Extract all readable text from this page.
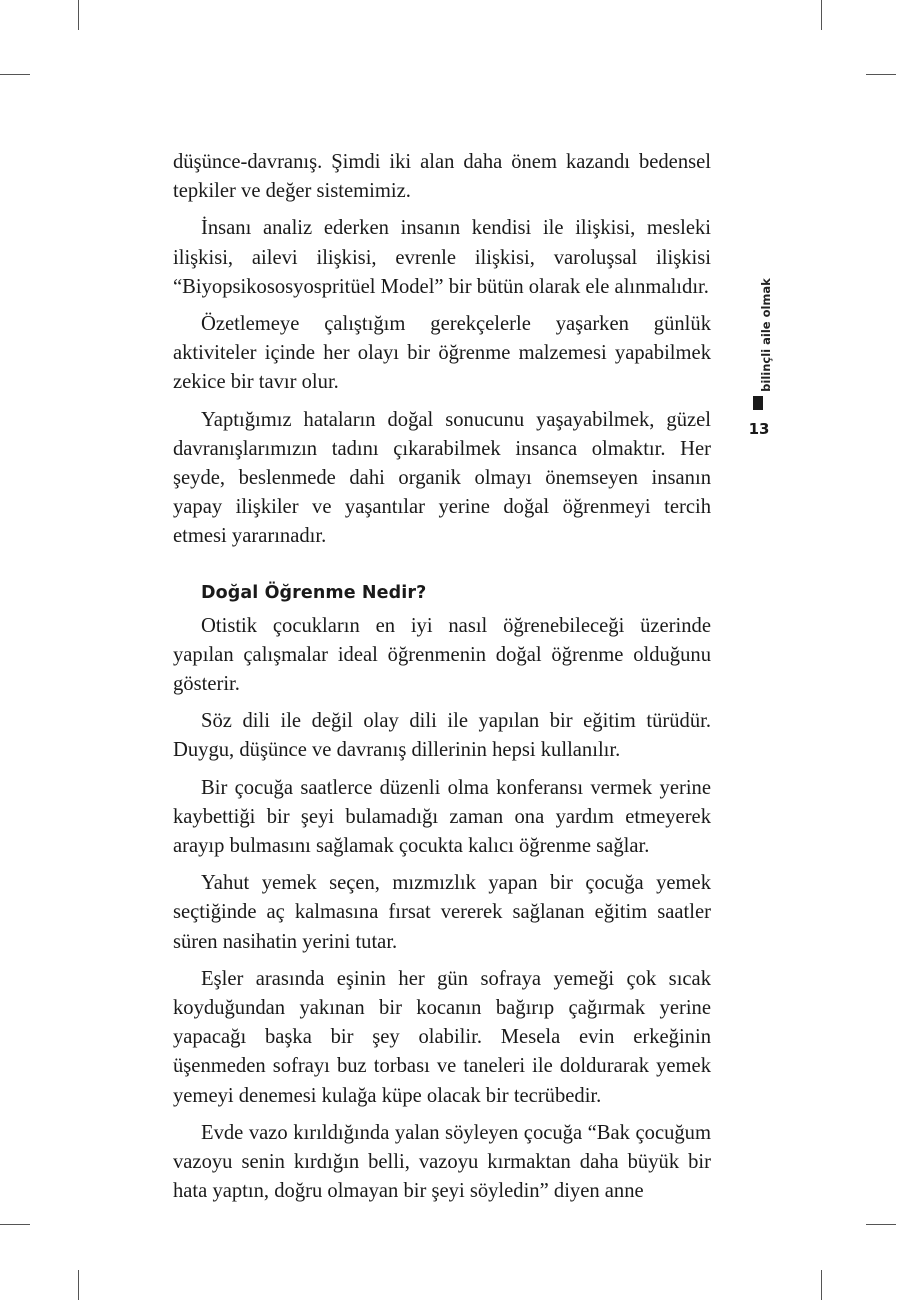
düşünce-davranış. Şimdi iki alan daha önem kazandı bedensel tepkiler ve değer sistemimiz.

İnsanı analiz ederken insanın kendisi ile ilişkisi, mesleki ilişkisi, ailevi ilişkisi, evrenle ilişkisi, varoluşsal ilişkisi “Biyopsikososyospritüel Model” bir bütün olarak ele alınmalıdır.

Özetlemeye çalıştığım gerekçelerle yaşarken günlük aktiviteler içinde her olayı bir öğrenme malzemesi yapabilmek zekice bir tavır olur.

Yaptığımız hataların doğal sonucunu yaşayabilmek, güzel davranışlarımızın tadını çıkarabilmek insanca olmaktır. Her şeyde, beslenmede dahi organik olmayı önemseyen insanın yapay ilişkiler ve yaşantılar yerine doğal öğrenmeyi tercih etmesi yararınadır.

Doğal Öğrenme Nedir?

Otistik çocukların en iyi nasıl öğrenebileceği üzerinde yapılan çalışmalar ideal öğrenmenin doğal öğrenme olduğunu gösterir.

Söz dili ile değil olay dili ile yapılan bir eğitim türüdür. Duygu, düşünce ve davranış dillerinin hepsi kullanılır.

Bir çocuğa saatlerce düzenli olma konferansı vermek yerine kaybettiği bir şeyi bulamadığı zaman ona yardım etmeyerek arayıp bulmasını sağlamak çocukta kalıcı öğrenme sağlar.

Yahut yemek seçen, mızmızlık yapan bir çocuğa yemek seçtiğinde aç kalmasına fırsat vererek sağlanan eğitim saatler süren nasihatin yerini tutar.

Eşler arasında eşinin her gün sofraya yemeği çok sıcak koyduğundan yakınan bir kocanın bağırıp çağırmak yerine yapacağı başka bir şey olabilir. Mesela evin erkeğinin üşenmeden sofrayı buz torbası ve taneleri ile doldurarak yemek yemeyi denemesi kulağa küpe olacak bir tecrübedir.

Evde vazo kırıldığında yalan söyleyen çocuğa “Bak çocuğum vazoyu senin kırdığın belli, vazoyu kırmaktan daha büyük bir hata yaptın, doğru olmayan bir şeyi söyledin” diyen anne

bilinçli aile olmak
13
